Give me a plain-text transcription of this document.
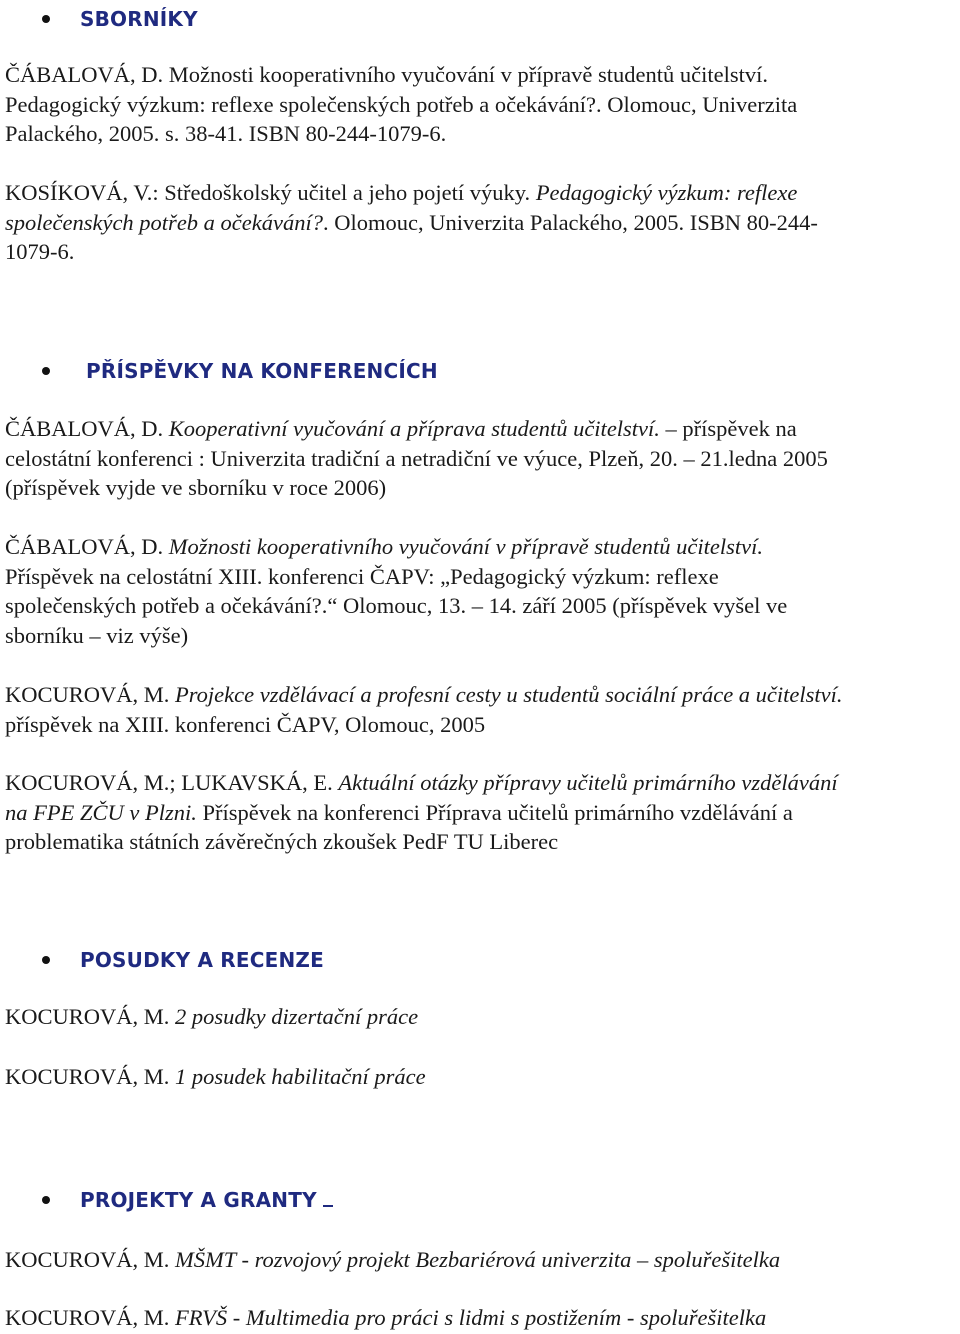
SBORNÍKY
ČÁBALOVÁ, D. Možnosti kooperativního vyučování v přípravě studentů učitelství.
Pedagogický výzkum: reflexe společenských potřeb a očekávání?. Olomouc, Univerzita
Palackého, 2005. s. 38-41. ISBN 80-244-1079-6.
KOSÍKOVÁ, V.: Středoškolský učitel a jeho pojetí výuky. Pedagogický výzkum: reflexe
společenských potřeb a očekávání?. Olomouc, Univerzita Palackého, 2005. ISBN 80-244-
1079-6.
PŘÍSPĚVKY NA KONFERENCÍCH
ČÁBALOVÁ, D. Kooperativní vyučování a příprava studentů učitelství. – příspěvek na
celostátní konferenci : Univerzita tradiční a netradiční ve výuce, Plzeň, 20. – 21.ledna 2005
(příspěvek vyjde ve sborníku v roce 2006)
ČÁBALOVÁ, D. Možnosti kooperativního vyučování v přípravě studentů učitelství.
Příspěvek na celostátní XIII. konferenci ČAPV: „Pedagogický výzkum: reflexe
společenských potřeb a očekávání?.“ Olomouc, 13. – 14. září 2005 (příspěvek vyšel ve
sborníku – viz výše)
KOCUROVÁ, M. Projekce vzdělávací a profesní cesty u studentů sociální práce a učitelství.
příspěvek na XIII. konferenci ČAPV, Olomouc, 2005
KOCUROVÁ, M.; LUKAVSKÁ, E. Aktuální otázky přípravy učitelů primárního vzdělávání
na FPE ZČU v Plzni. Příspěvek na konferenci Příprava učitelů primárního vzdělávání a
problematika státních závěrečných zkoušek PedF TU Liberec
POSUDKY A RECENZE
KOCUROVÁ, M. 2 posudky dizertační práce
KOCUROVÁ, M. 1 posudek habilitační práce
PROJEKTY A GRANTY
KOCUROVÁ, M. MŠMT - rozvojový projekt Bezbariérová univerzita – spoluřešitelka
KOCUROVÁ, M. FRVŠ - Multimedia pro práci s lidmi s postižením - spoluřešitelka
